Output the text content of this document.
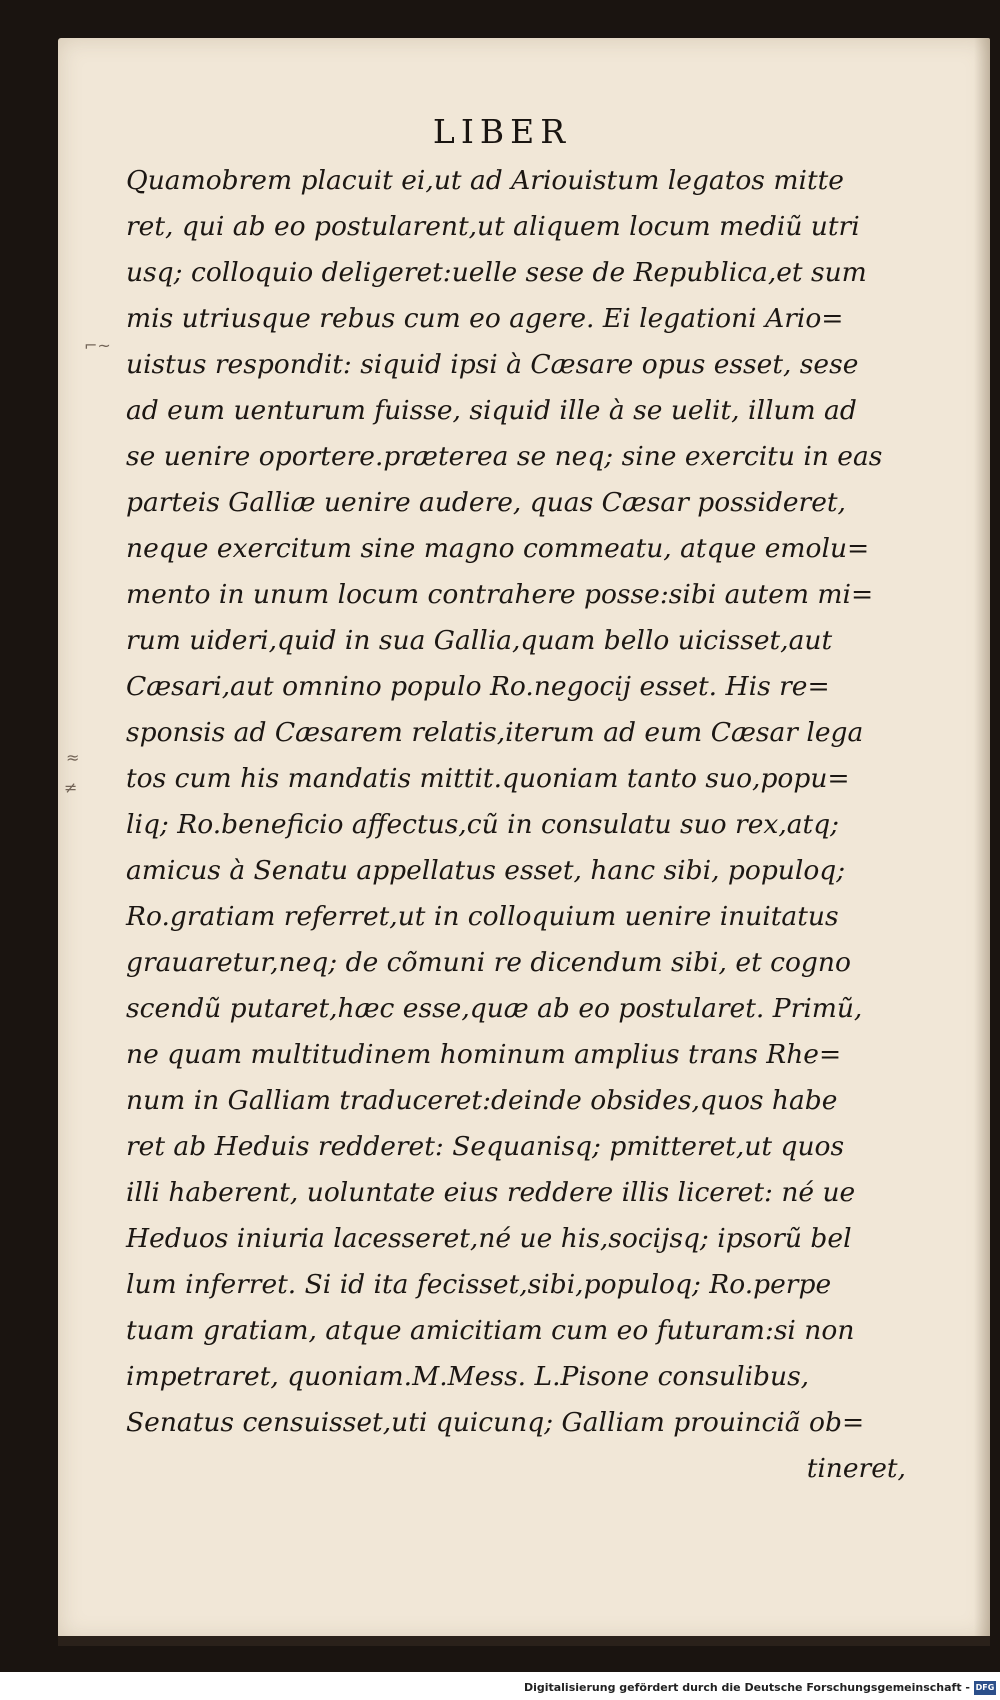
LIBER
⌐~
≈
≠
Quamobrem placuit ei,ut ad Ariouistum legatos mitte
ret, qui ab eo postularent,ut aliquem locum mediũ utri
usq; colloquio deligeret:uelle sese de Republica,et sum
mis utriusque rebus cum eo agere. Ei legationi Ario=
uistus respondit: siquid ipsi à Cæsare opus esset, sese
ad eum uenturum fuisse, siquid ille à se uelit, illum ad
se uenire oportere.præterea se neq; sine exercitu in eas
parteis Galliæ uenire audere, quas Cæsar possideret,
neque exercitum sine magno commeatu, atque emolu=
mento in unum locum contrahere posse:sibi autem mi=
rum uideri,quid in sua Gallia,quam bello uicisset,aut
Cæsari,aut omnino populo Ro.negocij esset. His re=
sponsis ad Cæsarem relatis,iterum ad eum Cæsar lega
tos cum his mandatis mittit.quoniam tanto suo,popu=
liq; Ro.beneficio affectus,cũ in consulatu suo rex,atq;
amicus à Senatu appellatus esset, hanc sibi, populoq;
Ro.gratiam referret,ut in colloquium uenire inuitatus
grauaretur,neq; de cõmuni re dicendum sibi, et cogno
scendũ putaret,hæc esse,quæ ab eo postularet. Primũ,
ne quam multitudinem hominum amplius trans Rhe=
num in Galliam traduceret:deinde obsides,quos habe
ret ab Heduis redderet: Sequanisq; pmitteret,ut quos
illi haberent, uoluntate eius reddere illis liceret: né ue
Heduos iniuria lacesseret,né ue his,socijsq; ipsorũ bel
lum inferret. Si id ita fecisset,sibi,populoq; Ro.perpe
tuam gratiam, atque amicitiam cum eo futuram:si non
impetraret, quoniam.M.Mess. L.Pisone consulibus,
Senatus censuisset,uti quicunq; Galliam prouinciã ob=
tineret,
Digitalisierung gefördert durch die Deutsche Forschungsgemeinschaft - DFG
